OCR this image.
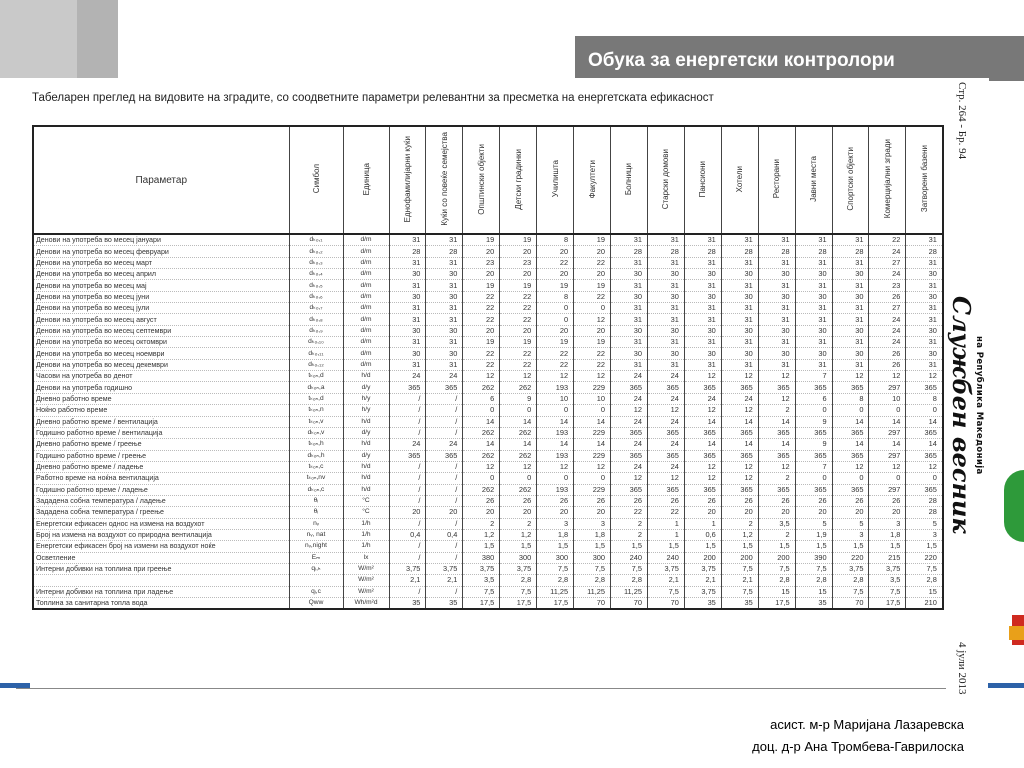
Обука за енергетски контролори
Табеларен преглед на видовите на зградите, со соодветните параметри релевантни за пресметка на енергетската ефикасност
Параметар	Симбол	Единица	Еднофамилијарни куќи	Куќи со повеќе семејства	Општински објекти	Детски градинки	Училишта	Факултети	Болници	Старски домови	Пансиони	Хотели	Ресторани	Јавни места	Спортски објекти	Комерцијални згради	Затворени базени
Денови на употреба во месец јануари	dₖₒ,₁	d/m	31	31	19	19	8	19	31	31	31	31	31	31	31	22	31
Денови на употреба во месец февруари	dₖₒ,₂	d/m	28	28	20	20	20	20	28	28	28	28	28	28	28	24	28
Денови на употреба во месец март	dₖₒ,₃	d/m	31	31	23	23	22	22	31	31	31	31	31	31	31	27	31
Денови на употреба во месец април	dₖₒ,₄	d/m	30	30	20	20	20	20	30	30	30	30	30	30	30	24	30
Денови на употреба во месец мај	dₖₒ,₅	d/m	31	31	19	19	19	19	31	31	31	31	31	31	31	23	31
Денови на употреба во месец јуни	dₖₒ,₆	d/m	30	30	22	22	8	22	30	30	30	30	30	30	30	26	30
Денови на употреба во месец јули	dₖₒ,₇	d/m	31	31	22	22	0	0	31	31	31	31	31	31	31	27	31
Денови на употреба во месец август	dₖₒ,₈	d/m	31	31	22	22	0	12	31	31	31	31	31	31	31	24	31
Денови на употреба во месец септември	dₖₒ,₉	d/m	30	30	20	20	20	20	30	30	30	30	30	30	30	24	30
Денови на употреба во месец октомври	dₖₒ,₁₀	d/m	31	31	19	19	19	19	31	31	31	31	31	31	31	24	31
Денови на употреба во месец ноември	dₖₒ,₁₁	d/m	30	30	22	22	22	22	30	30	30	30	30	30	30	26	30
Денови на употреба во месец декември	dₖₒ,₁₂	d/m	31	31	22	22	22	22	31	31	31	31	31	31	31	26	31
Часови на употреба во денот	tₖₒₙ,d	h/d	24	24	12	12	12	12	24	24	12	12	12	7	12	12	12
Денови на употреба годишно	dₖₒₙ,a	d/y	365	365	262	262	193	229	365	365	365	365	365	365	365	297	365
Дневно работно време	tₖₒₙ,d	h/y	/	/	6	9	10	10	24	24	24	24	12	6	8	10	8
Ноќно работно време	tₖₒₙ,n	h/y	/	/	0	0	0	0	12	12	12	12	2	0	0	0	0
Дневно работно време / вентилација	tₖₒₙ,v	h/d	/	/	14	14	14	14	24	24	14	14	14	9	14	14	14
Годишно работно време / вентилација	dₖₒₙ,v	d/y	/	/	262	262	193	229	365	365	365	365	365	365	365	297	365
Дневно работно време / греење	tₖₒₙ,h	h/d	24	24	14	14	14	14	24	24	14	14	14	9	14	14	14
Годишно работно време / греење	dₖₒₙ,h	d/y	365	365	262	262	193	229	365	365	365	365	365	365	365	297	365
Дневно работно време / ладење	tₖₒₙ,c	h/d	/	/	12	12	12	12	24	24	12	12	12	7	12	12	12
Работно време на ноќна вентилација	tₖₒₙ,nv	h/d	/	/	0	0	0	0	12	12	12	12	2	0	0	0	0
Годишно работно време / ладење	dₖₒₙ,c	h/d	/	/	262	262	193	229	365	365	365	365	365	365	365	297	365
Зададена собна температура / ладење	θᵢ	°C	/	/	26	26	26	26	26	26	26	26	26	26	26	26	28
Зададена собна температура / греење	θᵢ	°C	20	20	20	20	20	20	22	22	20	20	20	20	20	20	28
Енергетски ефикасен однос на измена на воздухот	nᵥ	1/h	/	/	2	2	3	3	2	1	1	2	3,5	5	5	3	5
Број на измена на воздухот со природна вентилација	nᵥ, nat	1/h	0,4	0,4	1,2	1,2	1,8	1,8	2	1	0,6	1,2	2	1,9	3	1,8	3
Енергетски ефикасен број на измени на воздухот ноќе	nᵥ,night	1/h	/	/	1,5	1,5	1,5	1,5	1,5	1,5	1,5	1,5	1,5	1,5	1,5	1,5	1,5
Осветление	Eₘ	lx	/	/	380	300	300	300	240	240	200	200	200	390	220	215	220
Интерни добивки на топлина при греење	qᵢ,ₕ	W/m²	3,75	3,75	3,75	3,75	7,5	7,5	7,5	3,75	3,75	7,5	7,5	7,5	3,75	3,75	7,5
		W/m²	2,1	2,1	3,5	2,8	2,8	2,8	2,8	2,1	2,1	2,1	2,8	2,8	2,8	3,5	2,8
Интерни добивки на топлина при ладење	qᵢ,c	W/m²	/	/	7,5	7,5	11,25	11,25	11,25	7,5	3,75	7,5	15	15	7,5	7,5	15
Топлина за санитарна топла вода	Qᴡᴡ	Wh/m²d	35	35	17,5	17,5	17,5	70	70	70	35	35	17,5	35	70	17,5	210
Стр. 264 - Бр. 94
Службен весник
на Република Македонија
4 јули 2013
асист. м-р Маријана Лазаревска
доц. д-р Ана Тромбева-Гаврилоска
